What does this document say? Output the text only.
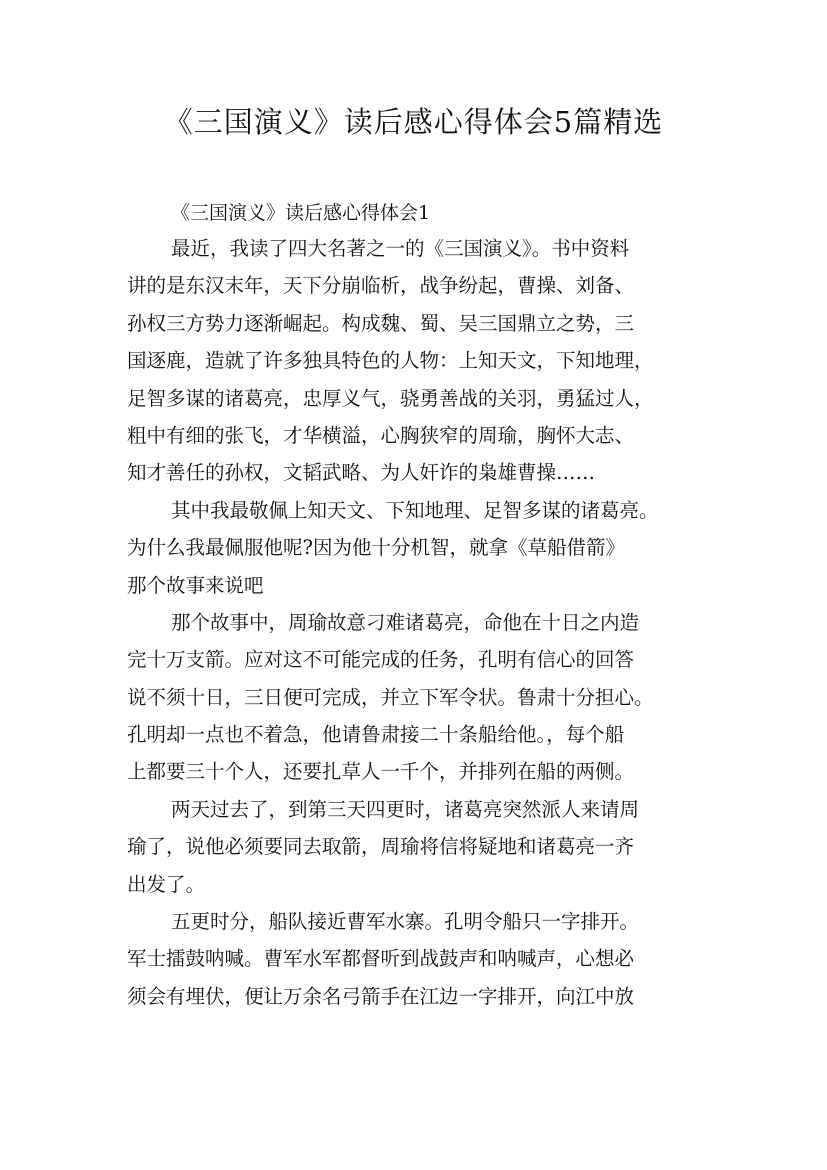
《三国演义》读后感心得体会5篇精选

《三国演义》读后感心得体会1

最近，我读了四大名著之一的《三国演义》。书中资料
讲的是东汉末年，天下分崩临析，战争纷起，曹操、刘备、
孙权三方势力逐渐崛起。构成魏、蜀、吴三国鼎立之势，三
国逐鹿，造就了许多独具特色的人物：上知天文，下知地理，
足智多谋的诸葛亮，忠厚义气，骁勇善战的关羽，勇猛过人，
粗中有细的张飞，才华横溢，心胸狭窄的周瑜，胸怀大志、
知才善任的孙权，文韬武略、为人奸诈的枭雄曹操……

其中我最敬佩上知天文、下知地理、足智多谋的诸葛亮。
为什么我最佩服他呢?因为他十分机智，就拿《草船借箭》
那个故事来说吧

那个故事中，周瑜故意刁难诸葛亮，命他在十日之内造
完十万支箭。应对这不可能完成的任务，孔明有信心的回答
说不须十日，三日便可完成，并立下军令状。鲁肃十分担心。
孔明却一点也不着急，他请鲁肃接二十条船给他。，每个船
上都要三十个人，还要扎草人一千个，并排列在船的两侧。

两天过去了，到第三天四更时，诸葛亮突然派人来请周
瑜了，说他必须要同去取箭，周瑜将信将疑地和诸葛亮一齐
出发了。

五更时分，船队接近曹军水寨。孔明令船只一字排开。
军士擂鼓呐喊。曹军水军都督听到战鼓声和呐喊声，心想必
须会有埋伏，便让万余名弓箭手在江边一字排开，向江中放
